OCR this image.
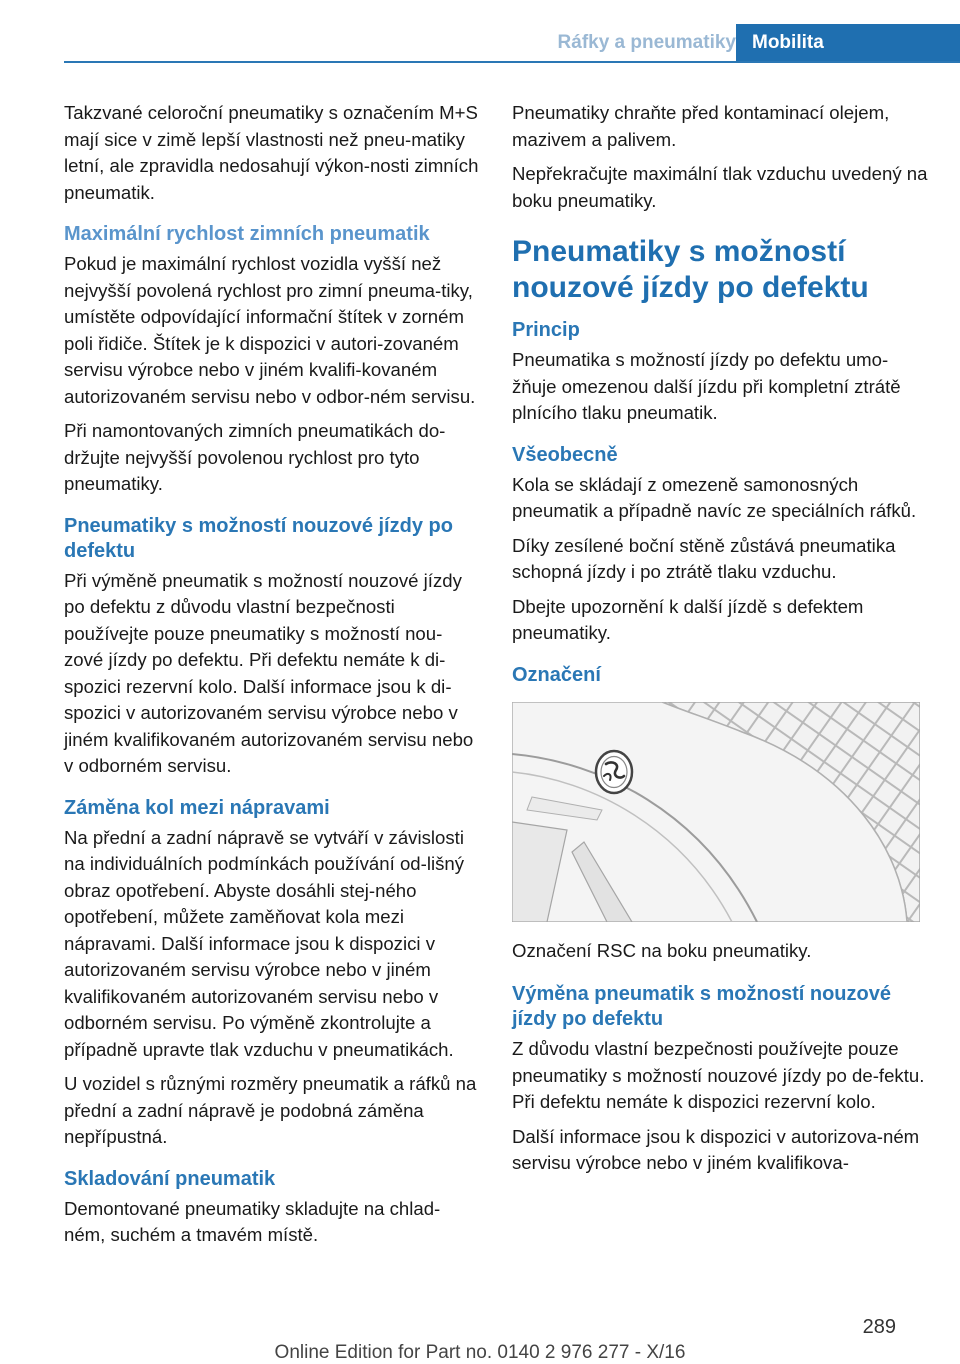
Ráfky a pneumatiky Mobilita

Takzvané celoroční pneumatiky s označením M+S mají sice v zimě lepší vlastnosti než pneu‐matiky letní, ale zpravidla nedosahují výkon‐nosti zimních pneumatik.

Maximální rychlost zimních pneumatik

Pokud je maximální rychlost vozidla vyšší než nejvyšší povolená rychlost pro zimní pneuma‐tiky, umístěte odpovídající informační štítek v zorném poli řidiče. Štítek je k dispozici v autori‐zovaném servisu výrobce nebo v jiném kvalifi‐kovaném autorizovaném servisu nebo v odbor‐ném servisu.

Při namontovaných zimních pneumatikách do‐držujte nejvyšší povolenou rychlost pro tyto pneumatiky.

Pneumatiky s možností nouzové jízdy po defektu

Při výměně pneumatik s možností nouzové jízdy po defektu z důvodu vlastní bezpečnosti používejte pouze pneumatiky s možností nou‐zové jízdy po defektu. Při defektu nemáte k di‐spozici rezervní kolo. Další informace jsou k di‐spozici v autorizovaném servisu výrobce nebo v jiném kvalifikovaném autorizovaném servisu nebo v odborném servisu.

Záměna kol mezi nápravami

Na přední a zadní nápravě se vytváří v závislosti na individuálních podmínkách používání od‐lišný obraz opotřebení. Abyste dosáhli stej‐ného opotřebení, můžete zaměňovat kola mezi nápravami. Další informace jsou k dispozici v autorizovaném servisu výrobce nebo v jiném kvalifikovaném autorizovaném servisu nebo v odborném servisu. Po výměně zkontrolujte a případně upravte tlak vzduchu v pneumatikách.

U vozidel s různými rozměry pneumatik a ráfků na přední a zadní nápravě je podobná záměna nepřípustná.

Skladování pneumatik

Demontované pneumatiky skladujte na chlad‐ném, suchém a tmavém místě.

Pneumatiky chraňte před kontaminací olejem, mazivem a palivem.

Nepřekračujte maximální tlak vzduchu uvedený na boku pneumatiky.

Pneumatiky s možností nouzové jízdy po defektu
Princip

Pneumatika s možností jízdy po defektu umo‐žňuje omezenou další jízdu při kompletní ztrátě plnícího tlaku pneumatik.

Všeobecně

Kola se skládají z omezeně samonosných pneumatik a případně navíc ze speciálních ráfků.

Díky zesílené boční stěně zůstává pneumatika schopná jízdy i po ztrátě tlaku vzduchu.

Dbejte upozornění k další jízdě s defektem pneumatiky.

Označení

Označení RSC na boku pneumatiky.

Výměna pneumatik s možností nouzové jízdy po defektu

Z důvodu vlastní bezpečnosti používejte pouze pneumatiky s možností nouzové jízdy po de‐fektu. Při defektu nemáte k dispozici rezervní kolo.

Další informace jsou k dispozici v autorizova‐ném servisu výrobce nebo v jiném kvalifikova‐

289
Online Edition for Part no. 0140 2 976 277 - X/16
